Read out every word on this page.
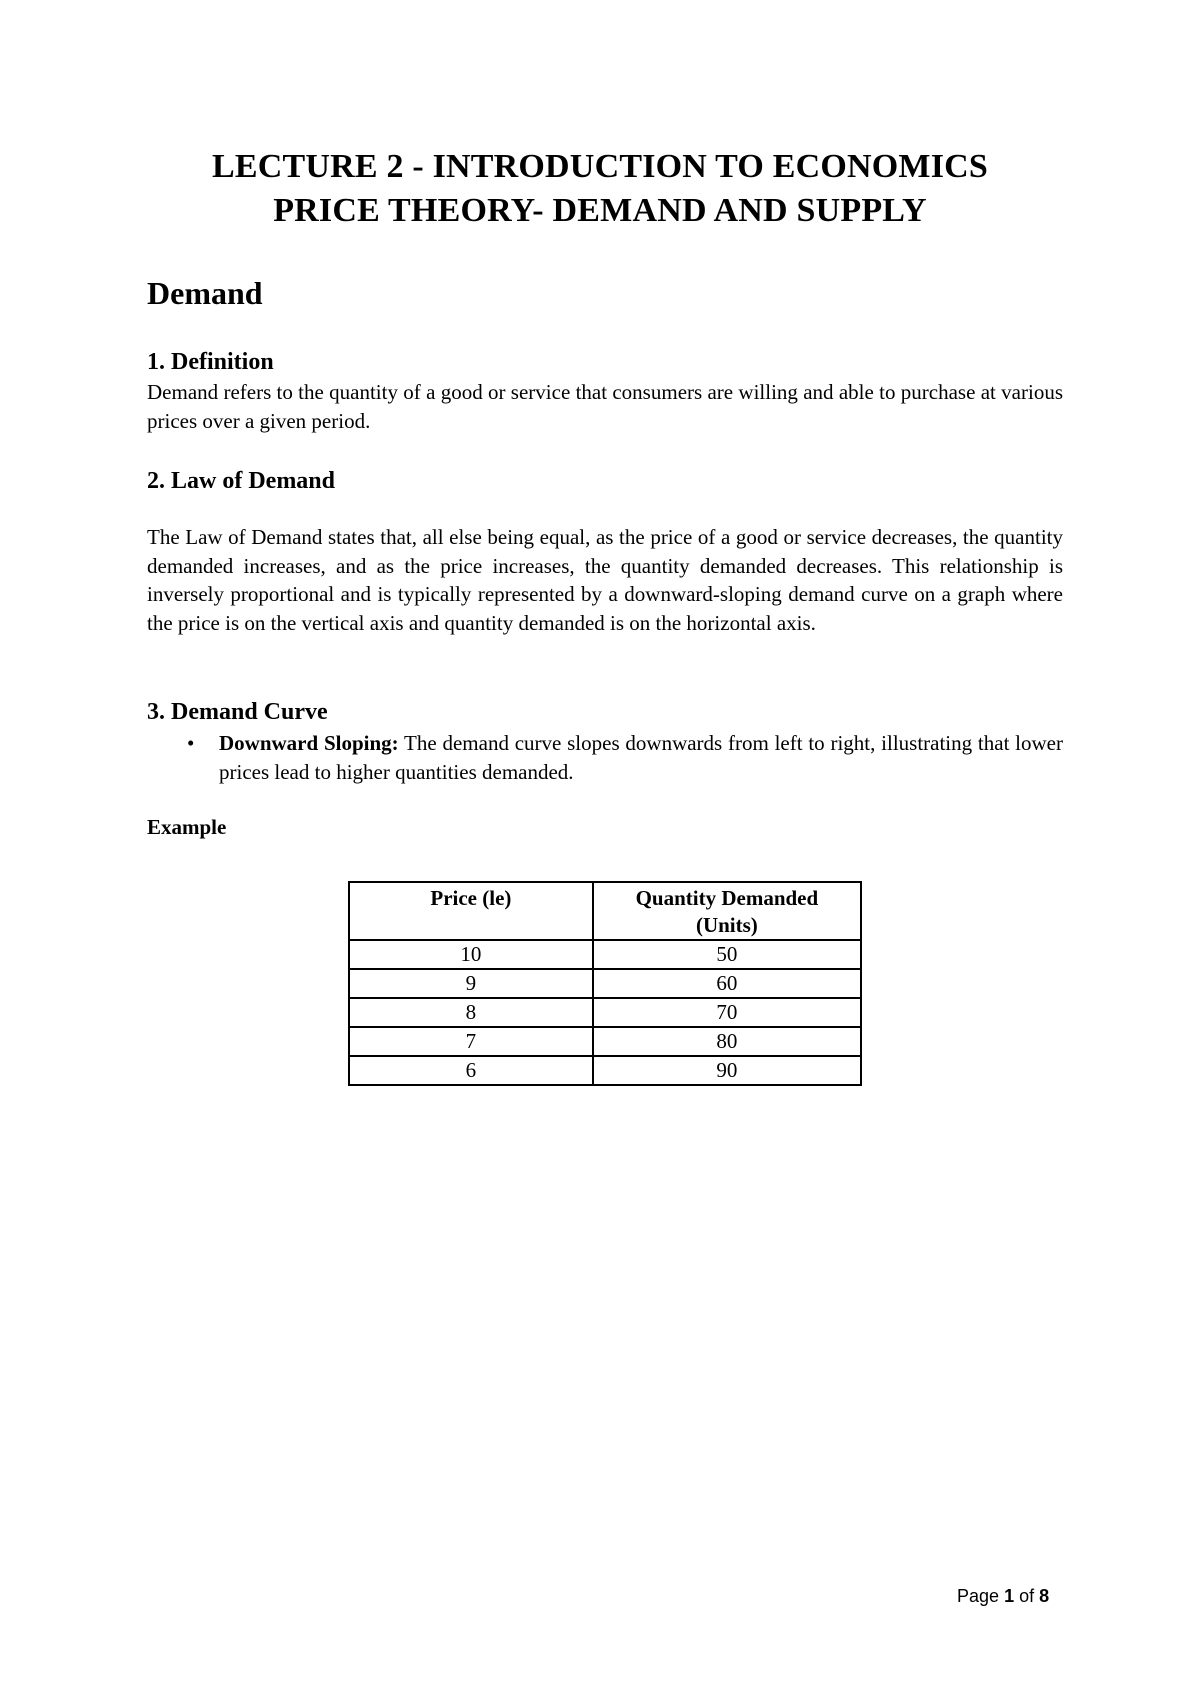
LECTURE 2 - INTRODUCTION TO ECONOMICS
PRICE THEORY- DEMAND AND SUPPLY
Demand
1. Definition
Demand refers to the quantity of a good or service that consumers are willing and able to purchase at various prices over a given period.
2. Law of Demand
The Law of Demand states that, all else being equal, as the price of a good or service decreases, the quantity demanded increases, and as the price increases, the quantity demanded decreases. This relationship is inversely proportional and is typically represented by a downward-sloping demand curve on a graph where the price is on the vertical axis and quantity demanded is on the horizontal axis.
3. Demand Curve
• Downward Sloping: The demand curve slopes downwards from left to right, illustrating that lower prices lead to higher quantities demanded.
Example
Price (le)	Quantity Demanded
(Units)
10	50
9	60
8	70
7	80
6	90
Page 1 of 8
